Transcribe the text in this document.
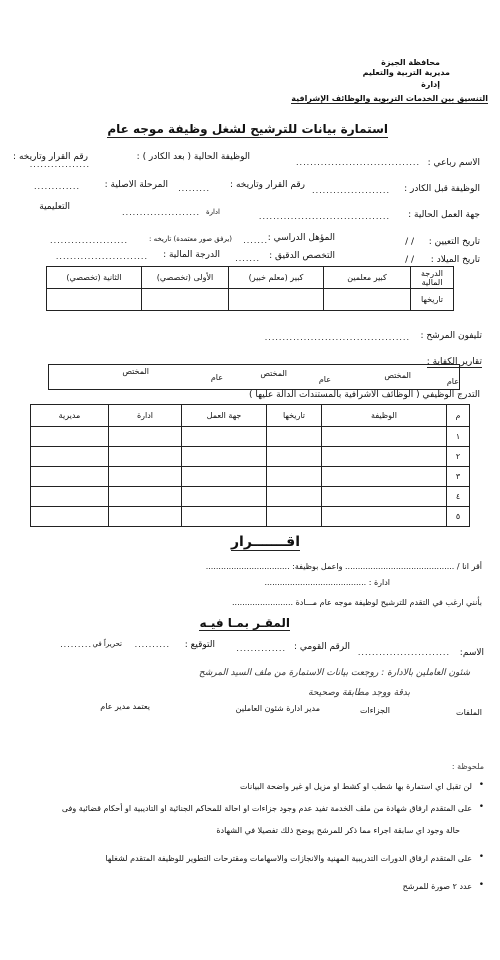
محافظة الجيزة
مديرية التربية والتعليم
إدارة
التنسيق بين الخدمات التربوية والوظائف الإشرافية
استمارة بيانات للترشيح لشغل وظيفة موجه عام
الاسم رباعي :
...................................
الوظيفة الحالية ( بعد الكادر ) :
رقم القرار وتاريخه :
.................
الوظيفة قبل الكادر :
......................
رقم القرار وتاريخه :
.........
المرحلة الاصلية :
.............
جهة العمل الحالية :
.....................................
ادارة
......................
التعليمية
تاريخ التعيين :
/ /
المؤهل الدراسي :
.......
(يرفق صور معتمدة) تاريخه :
......................
تاريخ الميلاد :
/ /
التخصص الدقيق :
.......
الدرجة المالية :
..........................
الدرجة المالية	كبير معلمين	كبير (معلم خبير)	الأولى (تخصصي)	الثانية (تخصصي)
تاريخها				
تليفون المرشح :
.........................................
تقارير الكفاية :
عام
المختص
عام
المختص
عام
المختص
التدرج الوظيفي ( الوظائف الاشرافية بالمستندات الدالة عليها )
م	الوظيفة	تاريخها	جهة العمل	ادارة	مديرية
١					
٢					
٣					
٤					
٥					
اقـــــــرار
أقر انا / ........................................... واعمل بوظيفة: .................................
ادارة : ........................................
بأنني ارغب في التقدم للترشيح لوظيفة موجه عام مـــادة ........................
المقـر بمـا فيـه
الاسم:
..........................
الرقم القومي :
..............
التوقيع :
..........
تحريراً في
.........
شئون العاملين بالادارة : روجعت بيانات الاستمارة من ملف السيد المرشح
بدقة ووجد مطابقة وصحيحة
الملفات
الجزاءات
مدير ادارة شئون العاملين
يعتمد مدير عام
ملحوظة :
لن تقبل اي استمارة بها شطب او كشط او مزيل او غير واضحة البيانات
على المتقدم ارفاق شهادة من ملف الخدمة تفيد عدم وجود جزاءات او احالة للمحاكم الجنائية او التاديبية او أحكام قضائية وفى
حالة وجود اي سابقة اجراء مما ذكر للمرشح يوضح ذلك تفصيلا في الشهادة
على المتقدم ارفاق الدورات التدريبية المهنية والانجازات والاسهامات ومقترحات التطوير للوظيفة المتقدم لشغلها
عدد ٢ صورة للمرشح
•
•
•
•
